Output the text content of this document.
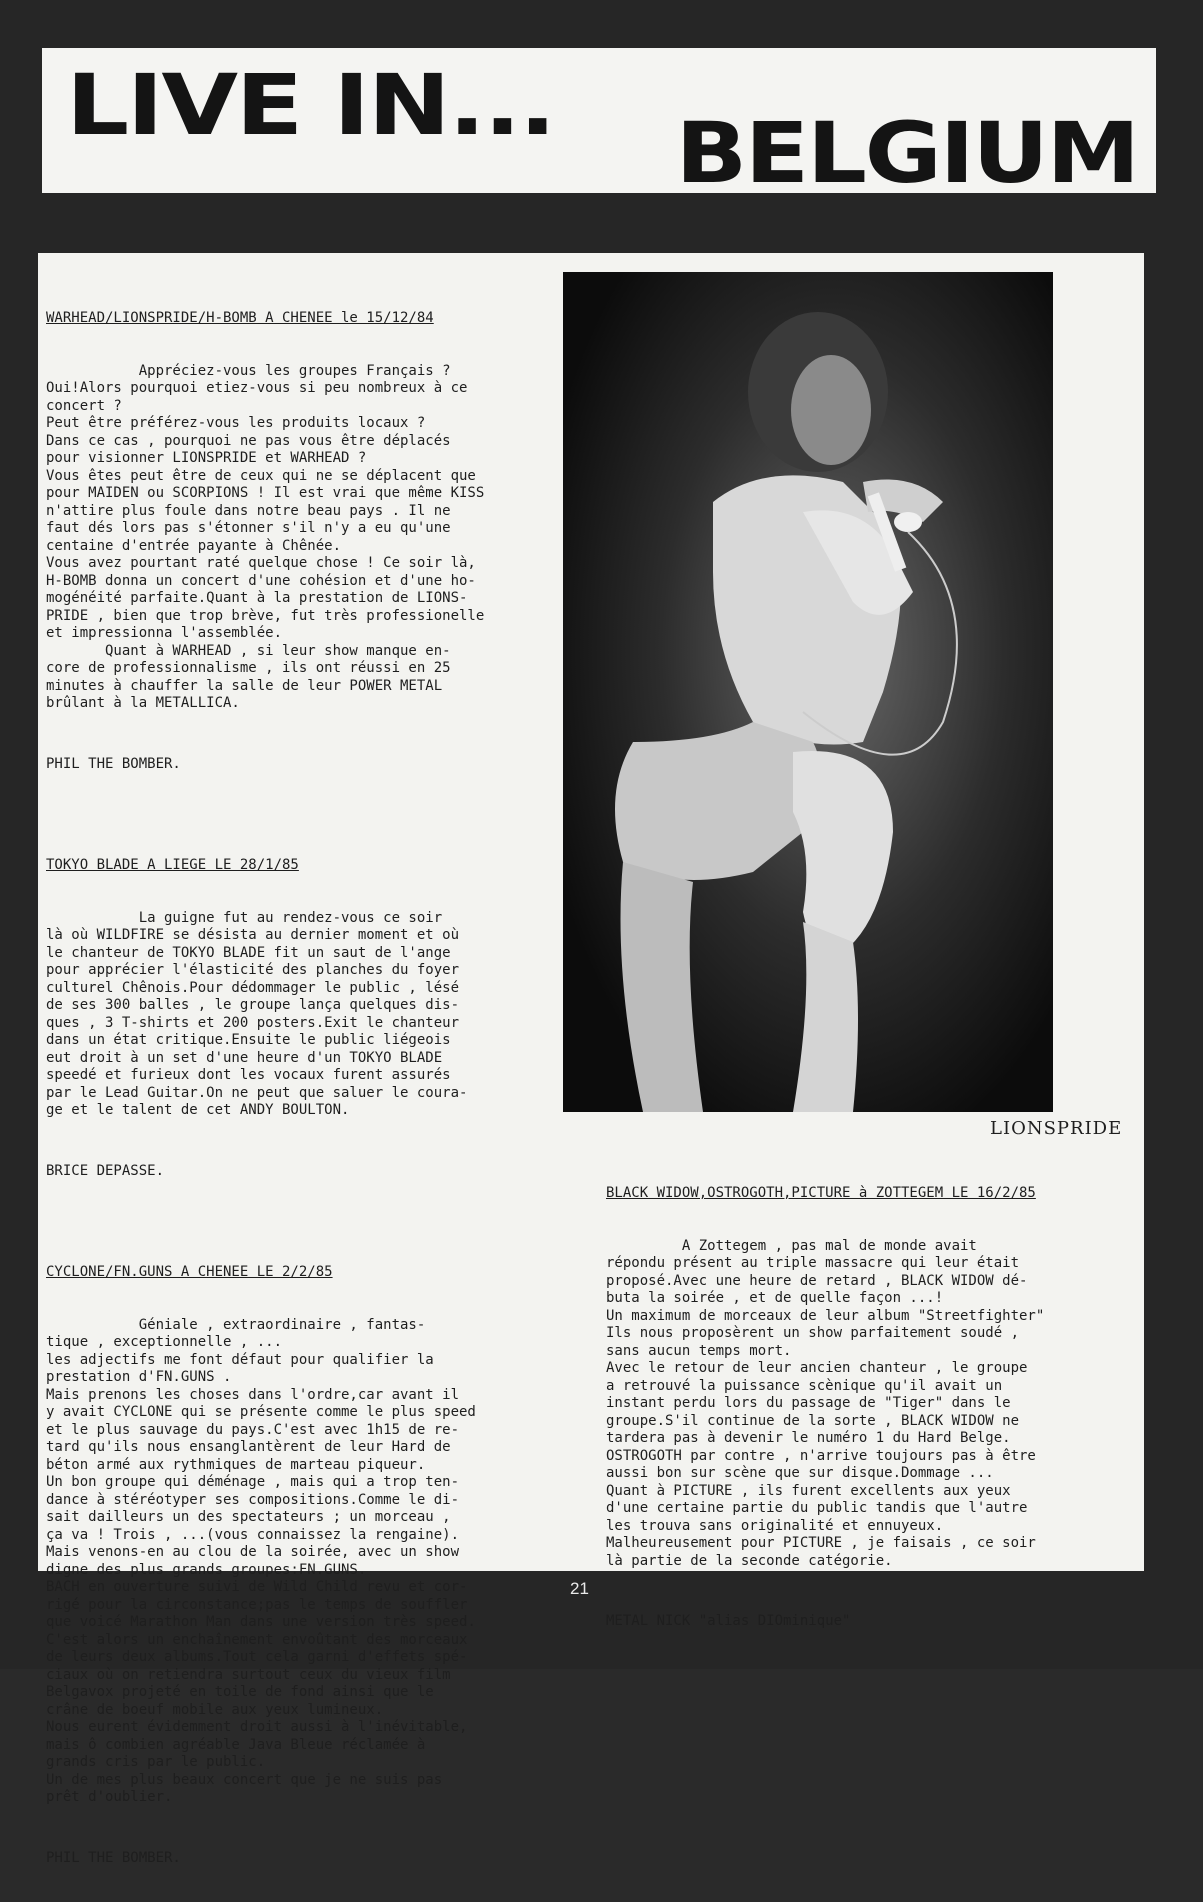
LIVE IN... BELGIUM

WARHEAD/LIONSPRIDE/H-BOMB A CHENEE le 15/12/84

Appréciez-vous les groupes Français ?
Oui!Alors pourquoi etiez-vous si peu nombreux à ce
concert ?
Peut être préférez-vous les produits locaux ?
Dans ce cas , pourquoi ne pas vous être déplacés
pour visionner LIONSPRIDE et WARHEAD ?
Vous êtes peut être de ceux qui ne se déplacent que
pour MAIDEN ou SCORPIONS ! Il est vrai que même KISS
n'attire plus foule dans notre beau pays . Il ne
faut dés lors pas s'étonner s'il n'y a eu qu'une
centaine d'entrée payante à Chênée.
Vous avez pourtant raté quelque chose ! Ce soir là,
H-BOMB donna un concert d'une cohésion et d'une ho-
mogénéité parfaite.Quant à la prestation de LIONS-
PRIDE , bien que trop brève, fut très professionelle
et impressionna l'assemblée.
Quant à WARHEAD , si leur show manque en-
core de professionnalisme , ils ont réussi en 25
minutes à chauffer la salle de leur POWER METAL
brûlant à la METALLICA.

PHIL THE BOMBER.

TOKYO BLADE A LIEGE LE 28/1/85

La guigne fut au rendez-vous ce soir
là où WILDFIRE se désista au dernier moment et où
le chanteur de TOKYO BLADE fit un saut de l'ange
pour apprécier l'élasticité des planches du foyer
culturel Chênois.Pour dédommager le public , lésé
de ses 300 balles , le groupe lança quelques dis-
ques , 3 T-shirts et 200 posters.Exit le chanteur
dans un état critique.Ensuite le public liégeois
eut droit à un set d'une heure d'un TOKYO BLADE
speedé et furieux dont les vocaux furent assurés
par le Lead Guitar.On ne peut que saluer le coura-
ge et le talent de cet ANDY BOULTON.

BRICE DEPASSE.

CYCLONE/FN.GUNS A CHENEE LE 2/2/85

Géniale , extraordinaire , fantas-
tique , exceptionnelle , ...
les adjectifs me font défaut pour qualifier la
prestation d'FN.GUNS .
Mais prenons les choses dans l'ordre,car avant il
y avait CYCLONE qui se présente comme le plus speed
et le plus sauvage du pays.C'est avec 1h15 de re-
tard qu'ils nous ensanglantèrent de leur Hard de
béton armé aux rythmiques de marteau piqueur.
Un bon groupe qui déménage , mais qui a trop ten-
dance à stéréotyper ses compositions.Comme le di-
sait dailleurs un des spectateurs ; un morceau ,
ça va ! Trois , ...(vous connaissez la rengaine).
Mais venons-en au clou de la soirée, avec un show
digne des plus grands groupes:FN.GUNS.
BACH en ouverture suivi de Wild Child revu et cor-
rigé pour la circonstance;pas le temps de souffler
que voicé Marathon Man dans une version très speed.
C'est alors un enchaînement envoûtant des morceaux
de leurs deux albums.Tout cela garni d'effets spé-
ciaux où on retiendra surtout ceux du vieux film
Belgavox projeté en toile de fond ainsi que le
crâne de boeuf mobile aux yeux lumineux.
Nous eurent évidemment droit aussi à l'inévitable,
mais ô combien agréable Java Bleue réclamée à
grands cris par le public.
Un de mes plus beaux concert que je ne suis pas
prêt d'oublier.

PHIL THE BOMBER.

LIONSPRIDE

BLACK WIDOW,OSTROGOTH,PICTURE à ZOTTEGEM LE 16/2/85

A Zottegem , pas mal de monde avait
répondu présent au triple massacre qui leur était
proposé.Avec une heure de retard , BLACK WIDOW dé-
buta la soirée , et de quelle façon ...!
Un maximum de morceaux de leur album "Streetfighter"
Ils nous proposèrent un show parfaitement soudé ,
sans aucun temps mort.
Avec le retour de leur ancien chanteur , le groupe
a retrouvé la puissance scènique qu'il avait un
instant perdu lors du passage de "Tiger" dans le
groupe.S'il continue de la sorte , BLACK WIDOW ne
tardera pas à devenir le numéro 1 du Hard Belge.
OSTROGOTH par contre , n'arrive toujours pas à être
aussi bon sur scène que sur disque.Dommage ...
Quant à PICTURE , ils furent excellents aux yeux
d'une certaine partie du public tandis que l'autre
les trouva sans originalité et ennuyeux.
Malheureusement pour PICTURE , je faisais , ce soir
là partie de la seconde catégorie.

METAL NICK "alias DIOminique"

21
